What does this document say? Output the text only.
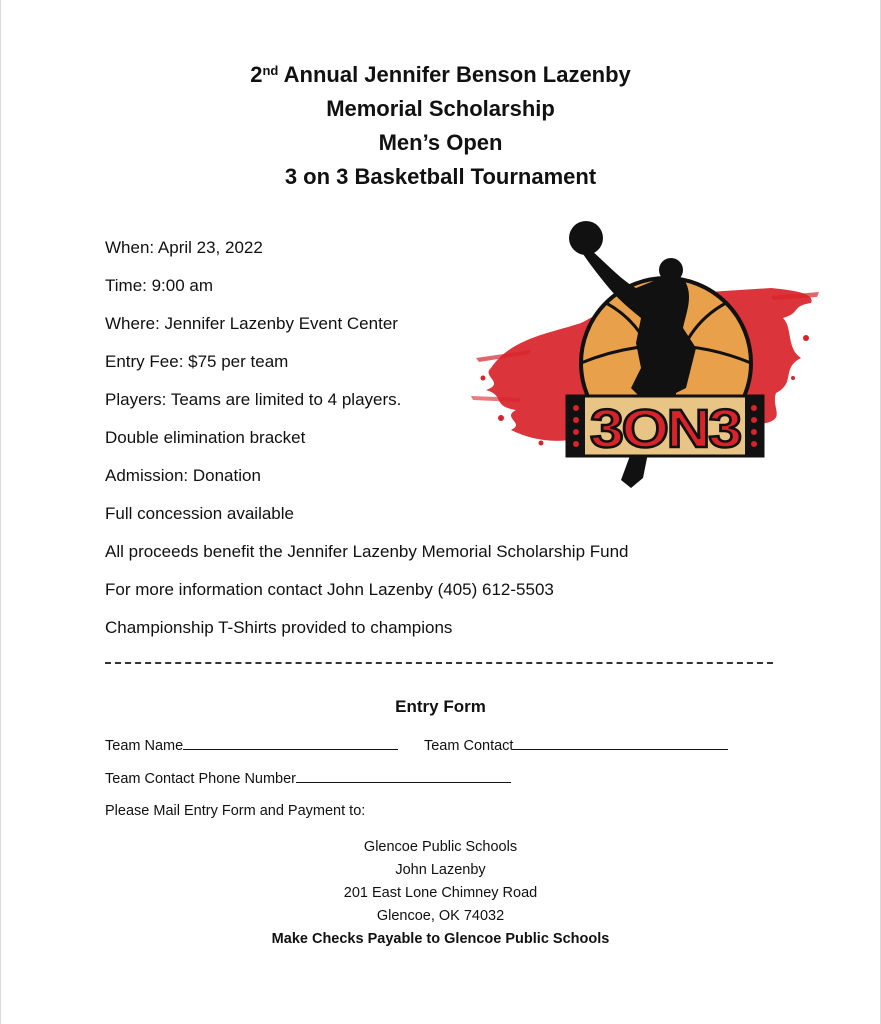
2nd Annual Jennifer Benson Lazenby
Memorial Scholarship
Men’s Open
3 on 3 Basketball Tournament
When: April 23, 2022
Time: 9:00 am
Where: Jennifer Lazenby Event Center
Entry Fee: $75 per team
Players: Teams are limited to 4 players.
Double elimination bracket
Admission: Donation
Full concession available
All proceeds benefit the Jennifer Lazenby Memorial Scholarship Fund
For more information contact John Lazenby (405) 612-5503
Championship T-Shirts provided to champions
3ON3
Entry Form
Team Name	Team Contact
Team Contact Phone Number
Please Mail Entry Form and Payment to:
Glencoe Public Schools
John Lazenby
201 East Lone Chimney Road
Glencoe, OK 74032
Make Checks Payable to Glencoe Public Schools
